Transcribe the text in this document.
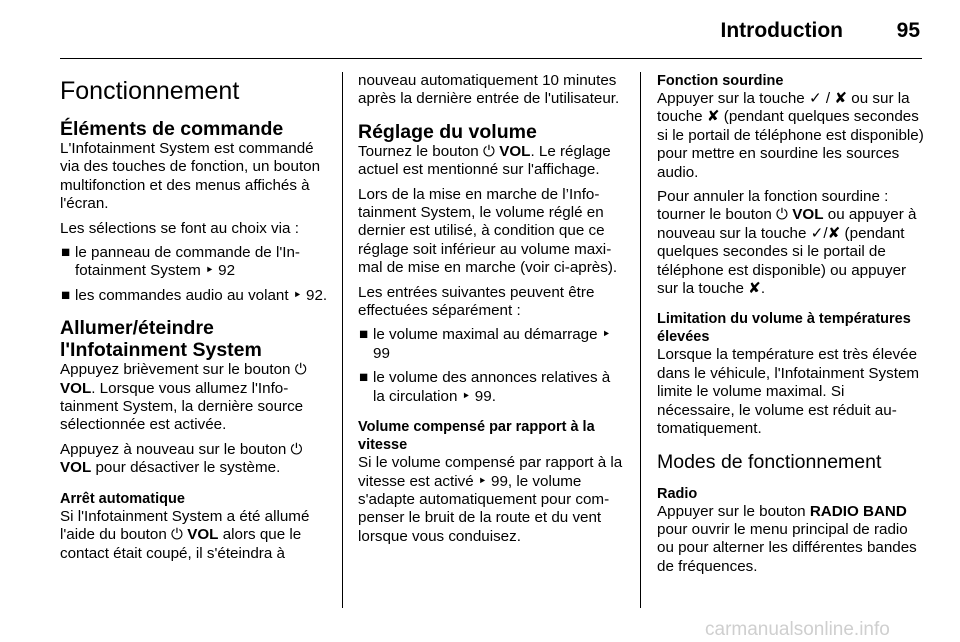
Introduction	95
Fonctionnement
Éléments de commande

L'Infotainment System est commandé via des touches de fonction, un bouton multifonction et des menus affichés à l'écran.

Les sélections se font au choix via :

■ le panneau de commande de l'Infotainment System ‣ 92
■ les commandes audio au volant ‣ 92.
Allumer/éteindre l'Infotainment System

Appuyez brièvement sur le bouton ⏻ VOL. Lorsque vous allumez l'Infotainment System, la dernière source sélectionnée est activée.

Appuyez à nouveau sur le bouton ⏻ VOL pour désactiver le système.

Arrêt automatique

Si l'Infotainment System a été allumé l'aide du bouton ⏻ VOL alors que le contact était coupé, il s'éteindra à

nouveau automatiquement 10 minutes après la dernière entrée de l'utilisateur.

Réglage du volume

Tournez le bouton ⏻ VOL. Le réglage actuel est mentionné sur l'affichage.

Lors de la mise en marche de l’Infotainment System, le volume réglé en dernier est utilisé, à condition que ce réglage soit inférieur au volume maximal de mise en marche (voir ci-après).

Les entrées suivantes peuvent être effectuées séparément :

■ le volume maximal au démarrage ‣ 99
■ le volume des annonces relatives à la circulation ‣ 99.
Volume compensé par rapport à la vitesse

Si le volume compensé par rapport à la vitesse est activé ‣ 99, le volume s'adapte automatiquement pour compenser le bruit de la route et du vent lorsque vous conduisez.

Fonction sourdine

Appuyer sur la touche ✓ / ✘ ou sur la touche ✘ (pendant quelques secondes si le portail de téléphone est disponible) pour mettre en sourdine les sources audio.

Pour annuler la fonction sourdine : tourner le bouton ⏻ VOL ou appuyer à nouveau sur la touche ✓/✘ (pendant quelques secondes si le portail de téléphone est disponible) ou appuyer sur la touche ✘.

Limitation du volume à températures élevées

Lorsque la température est très élevée dans le véhicule, l'Infotainment System limite le volume maximal. Si nécessaire, le volume est réduit automatiquement.

Modes de fonctionnement
Radio

Appuyer sur le bouton RADIO BAND pour ouvrir le menu principal de radio ou pour alterner les différentes bandes de fréquences.

carmanualsonline.info
